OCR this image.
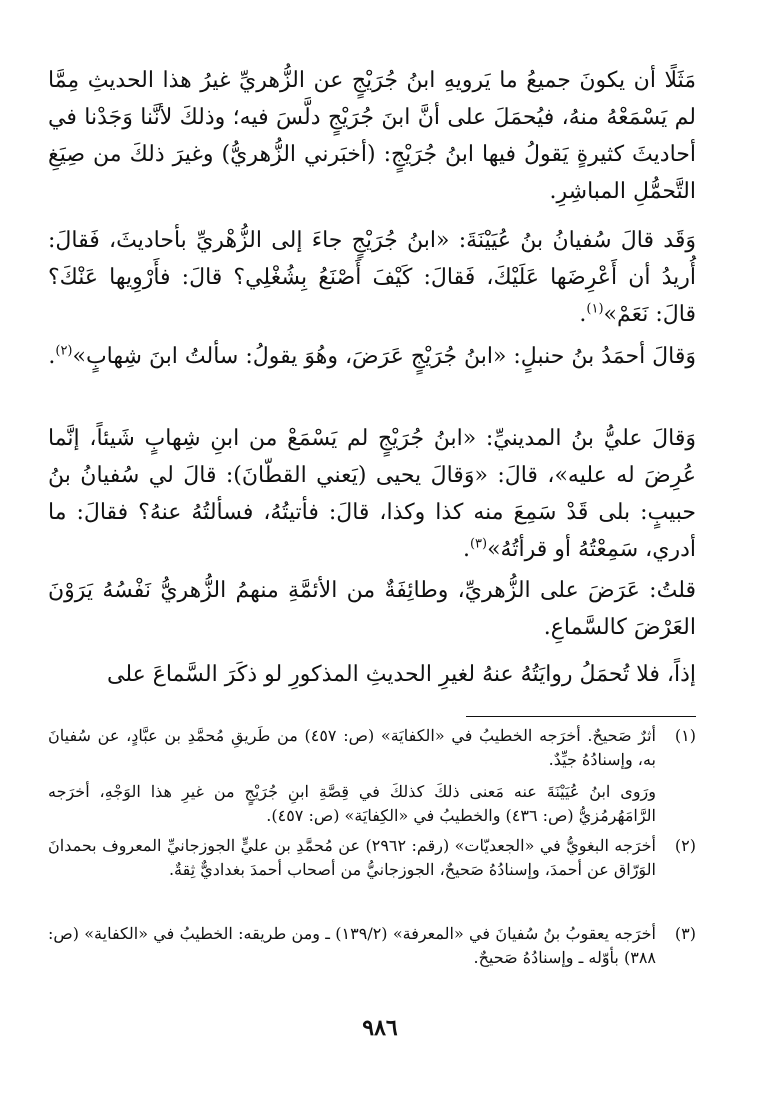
مَثَلًا أن يكونَ جميعُ ما يَرويهِ ابنُ جُرَيْجٍ عن الزُّهريِّ غيرُ هذا الحديثِ مِمَّا لم يَسْمَعْهُ منهُ، فيُحمَلَ على أنَّ ابنَ جُرَيْجٍ دلَّسَ فيه؛ وذلكَ لأنَّنا وَجَدْنا في أحاديثَ كثيرةٍ يَقولُ فيها ابنُ جُرَيْجٍ: (أخبَرني الزُّهريُّ) وغيرَ ذلكَ من صِيَغِ التَّحمُّلِ المباشِرِ.

وَقَد قالَ سُفيانُ بنُ عُيَيْنَةَ: «ابنُ جُرَيْجٍ جاءَ إلى الزُّهْريِّ بأحاديثَ، فَقالَ: أُريدُ أن أَعْرِضَها عَلَيْكَ، فَقالَ: كَيْفَ أَصْنَعُ بِشُغْلِي؟ قالَ: فأَرْوِيها عَنْكَ؟ قالَ: نَعَمْ»$^{(١)}$.

وَقالَ أحمَدُ بنُ حنبلٍ: «ابنُ جُرَيْجٍ عَرَضَ، وهُوَ يقولُ: سألتُ ابنَ شِهابٍ»$^{(٢)}$.

وَقالَ عليُّ بنُ المدينيِّ: «ابنُ جُرَيْجٍ لم يَسْمَعْ من ابنِ شِهابٍ شَيئاً، إنَّما عُرِضَ له عليه»، قالَ: «وَقالَ يحيى (يَعني القطّانَ): قالَ لي سُفيانُ بنُ حبيبٍ: بلى قَدْ سَمِعَ منه كذا وكذا، قالَ: فأتيتُهُ، فسألتُهُ عنهُ؟ فقالَ: ما أدري، سَمِعْتُهُ أو قرأتُهُ»$^{(٣)}$.

قلتُ: عَرَضَ على الزُّهريِّ، وطائِفَةٌ من الأئمَّةِ منهمُ الزُّهريُّ نَفْسُهُ يَرَوْنَ العَرْضَ كالسَّماعِ.

إذاً، فلا تُحمَلُ روايَتُهُ عنهُ لغيرِ الحديثِ المذكورِ لو ذكَرَ السَّماعَ على

(١)

أثرٌ صَحيحٌ. أخرَجه الخطيبُ في «الكفايَة» (ص: ٤٥٧) من طَريقِ مُحمَّدِ بن عبَّادٍ، عن سُفيانَ به، وإسنادُهُ جيِّدٌ.

ورَوى ابنُ عُيَيْنَةَ عنه مَعنى ذلكَ كذلكَ في قِصَّةِ ابنِ جُرَيْجٍ من غيرِ هذا الوَجْهِ، أخرَجه الرَّامَهُرمُزيُّ (ص: ٤٣٦) والخطيبُ في «الكِفايَة» (ص: ٤٥٧).

(٢)

أخرَجه البغويُّ في «الجعديّات» (رقم: ٢٩٦٢) عن مُحمَّدِ بن عليٍّ الجوزجانيِّ المعروف بحمدانَ الوَرّاق عن أحمدَ، وإسنادُهُ صَحيحٌ، الجوزجانيُّ من أصحاب أحمدَ بغداديٌّ ثِقةٌ.

(٣)

أخرَجه يعقوبُ بنُ سُفيانَ في «المعرفة» (١٣٩/٢) ـ ومن طريقه: الخطيبُ في «الكفاية» (ص: ٣٨٨) بأوّله ـ وإسنادُهُ صَحيحٌ.

٩٨٦
